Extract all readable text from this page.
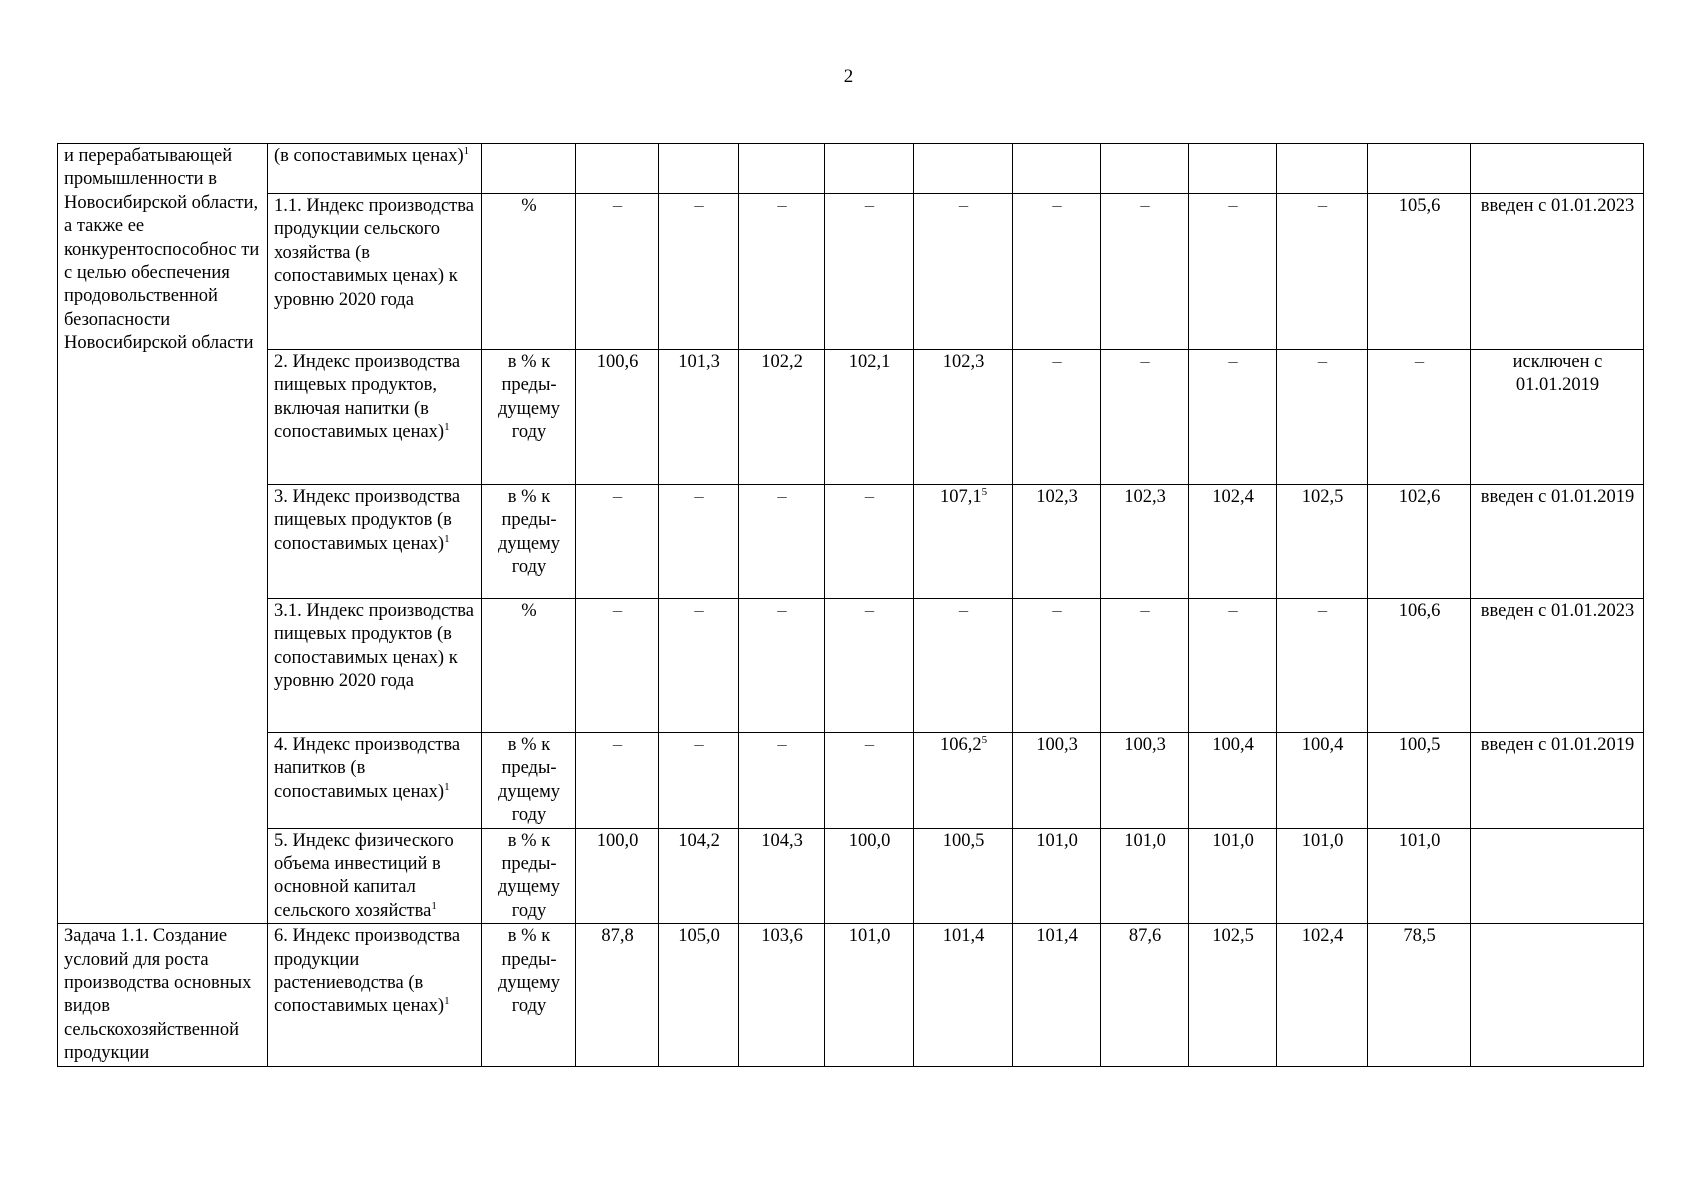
2
и перерабатывающей промышленности в Новосибирской области, а также ее конкурентоспособнос ти с целью обеспечения продовольственной безопасности Новосибирской области	(в сопоставимых ценах)$^1$												
	1.1. Индекс производства продукции сельского хозяйства (в сопоставимых ценах) к уровню 2020 года	%	–	–	–	–	–	–	–	–	–	105,6	введен с 01.01.2023
	2. Индекс производства пищевых продуктов, включая напитки (в сопоставимых ценах)$^1$	в % к преды-дущему году	100,6	101,3	102,2	102,1	102,3	–	–	–	–	–	исключен с 01.01.2019
	3. Индекс производства пищевых продуктов (в сопоставимых ценах)$^1$	в % к преды-дущему году	–	–	–	–	107,1$^5$	102,3	102,3	102,4	102,5	102,6	введен с 01.01.2019
	3.1. Индекс производства пищевых продуктов (в сопоставимых ценах) к уровню 2020 года	%	–	–	–	–	–	–	–	–	–	106,6	введен с 01.01.2023
	4. Индекс производства напитков (в сопоставимых ценах)$^1$	в % к преды-дущему году	–	–	–	–	106,2$^5$	100,3	100,3	100,4	100,4	100,5	введен с 01.01.2019
	5. Индекс физического объема инвестиций в основной капитал сельского хозяйства$^1$	в % к преды-дущему году	100,0	104,2	104,3	100,0	100,5	101,0	101,0	101,0	101,0	101,0	
Задача 1.1. Создание условий для роста производства основных видов сельскохозяйственной продукции	6. Индекс производства продукции растениеводства (в сопоставимых ценах)$^1$	в % к преды-дущему году	87,8	105,0	103,6	101,0	101,4	101,4	87,6	102,5	102,4	78,5	
